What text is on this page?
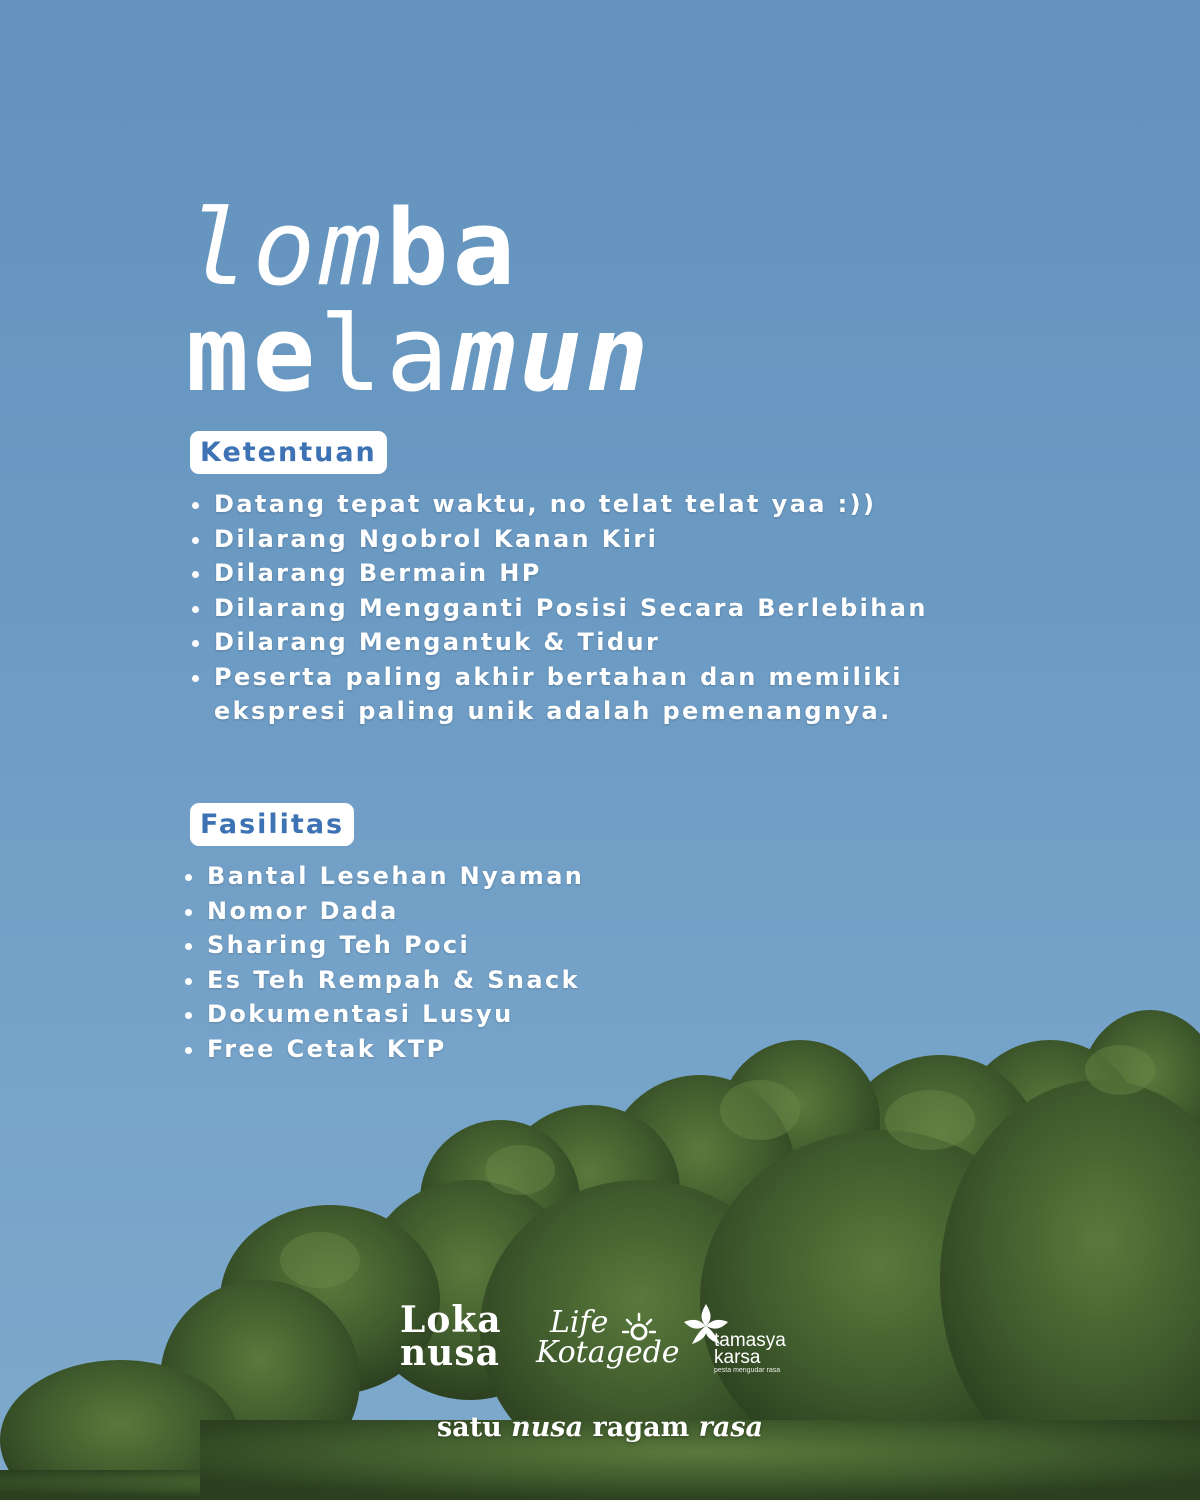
lomba
melamun
Ketentuan
Datang tepat waktu, no telat telat yaa :))
Dilarang Ngobrol Kanan Kiri
Dilarang Bermain HP
Dilarang Mengganti Posisi Secara Berlebihan
Dilarang Mengantuk & Tidur
Peserta paling akhir bertahan dan memiliki
ekspresi paling unik adalah pemenangnya.
Fasilitas
Bantal Lesehan Nyaman
Nomor Dada
Sharing Teh Poci
Es Teh Rempah & Snack
Dokumentasi Lusyu
Free Cetak KTP
Loka
nusa
Life
Kotagede tamasya
karsa
pesta mengudar rasa
satu nusa ragam rasa
